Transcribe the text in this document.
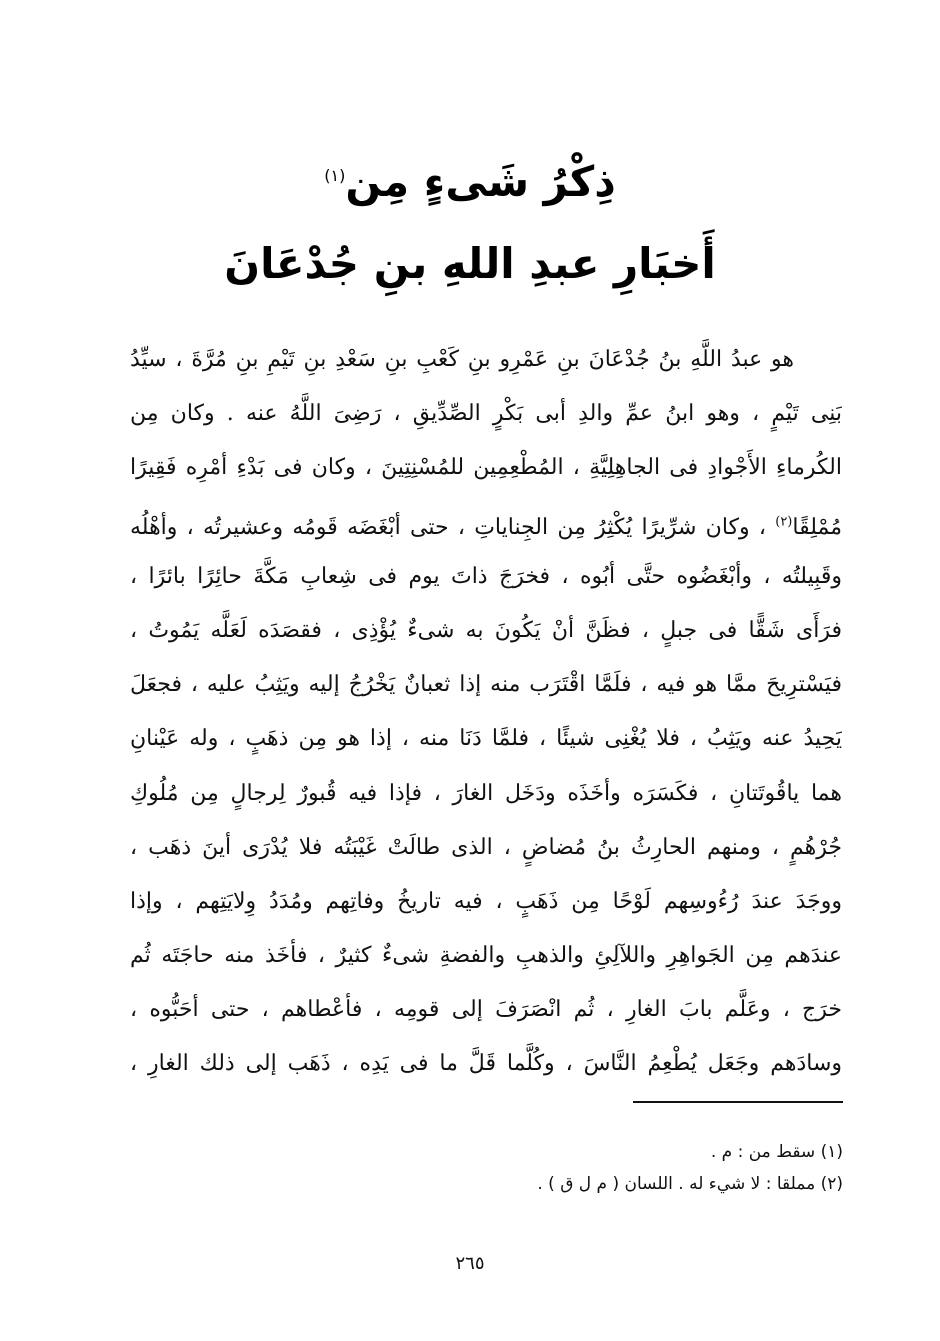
ذِكْرُ شَىءٍ مِن$^{(١)}$
أَخبَارِ عبدِ اللهِ بنِ جُدْعَانَ
هو عبدُ اللَّهِ بنُ جُدْعَانَ بنِ عَمْرِو بنِ كَعْبِ بنِ سَعْدِ بنِ تَيْمِ بنِ مُرَّةَ ، سيِّدُ
بَنِى تَيْمٍ ، وهو ابنُ عمِّ والدِ أبى بَكْرٍ الصِّدِّيقِ ، رَضِىَ اللَّهُ عنه . وكان مِن
الكُرماءِ الأَجْوادِ فى الجاهِلِيَّةِ ، المُطْعِمِين للمُسْنِتِينَ ، وكان فى بَدْءِ أمْرِه فَقِيرًا
مُمْلِقًا$^{(٢)}$ ، وكان شرِّيرًا يُكْثِرُ مِن الجِناياتِ ، حتى أبْغَضَه قَومُه وعشيرتُه ، وأهْلُه
وقَبِيلتُه ، وأبْغَضُوه حتَّى أبُوه ، فخرَجَ ذاتَ يوم فى شِعابِ مَكَّةَ حائِرًا بائرًا ،
فرَأَى شَقًّا فى جبلٍ ، فظَنَّ أنْ يَكُونَ به شىءٌ يُؤْذِى ، فقصَدَه لَعَلَّه يَمُوتُ ،
فيَسْترِيحَ ممَّا هو فيه ، فلَمَّا اقْتَرَب منه إذا ثعبانٌ يَخْرُجُ إليه ويَثِبُ عليه ، فجعَلَ
يَحِيدُ عنه ويَثِبُ ، فلا يُغْنِى شيئًا ، فلمَّا دَنَا منه ، إذا هو مِن ذهَبٍ ، وله عَيْنانِ
هما ياقُوتَتانِ ، فكَسَرَه وأخَذَه ودَخَل الغارَ ، فإذا فيه قُبورٌ لِرجالٍ مِن مُلُوكِ
جُرْهُمٍ ، ومنهم الحارِثُ بنُ مُضاضٍ ، الذى طالَتْ غَيْبَتُه فلا يُدْرَى أينَ ذهَب ،
ووجَدَ عندَ رُءُوسِهم لَوْحًا مِن ذَهَبٍ ، فيه تاريخُ وفاتِهم ومُدَدُ وِلايَتِهم ، وإذا
عندَهم مِن الجَواهِرِ واللآلِئِ والذهبِ والفضةِ شىءٌ كثيرٌ ، فأخَذ منه حاجَتَه ثُم
خرَج ، وعَلَّم بابَ الغارِ ، ثُم انْصَرَفَ إلى قومِه ، فأعْطاهم ، حتى أحَبُّوه ،
وسادَهم وجَعَل يُطْعِمُ النَّاسَ ، وكُلَّما قَلَّ ما فى يَدِه ، ذَهَب إلى ذلك الغارِ ،
(١) سقط من : م .
(٢) مملقا : لا شيء له . اللسان ( م ل ق ) .
٢٦٥
